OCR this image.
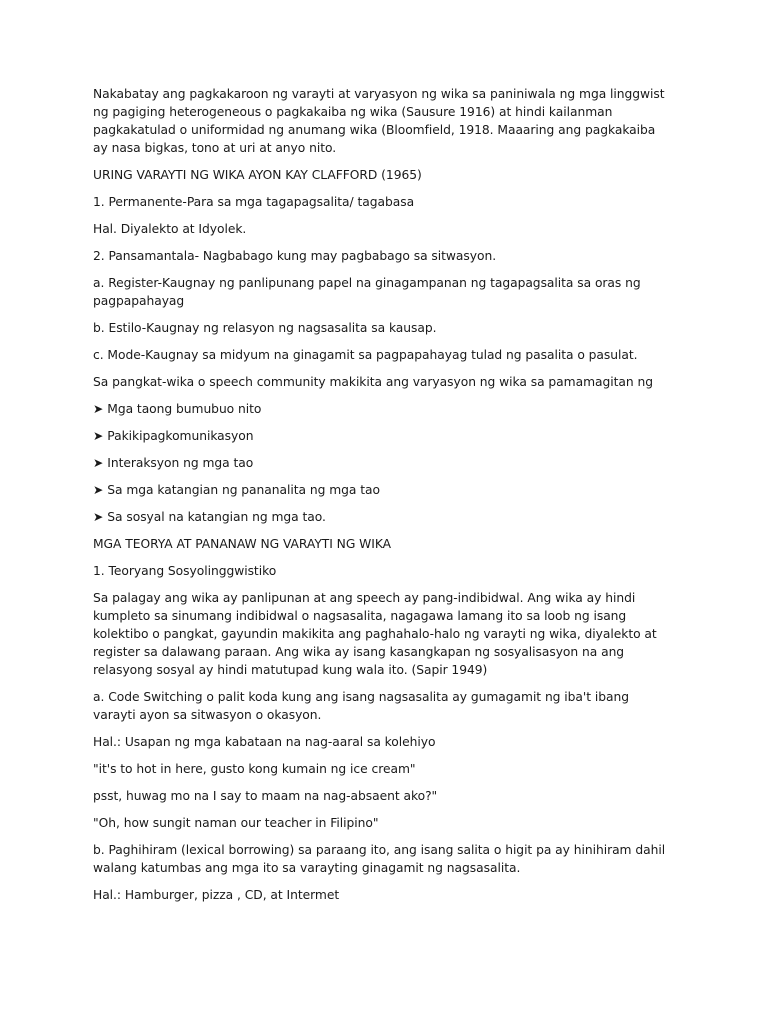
Nakabatay ang pagkakaroon ng varayti at varyasyon ng wika sa paniniwala ng mga linggwist ng pagiging heterogeneous o pagkakaiba ng wika (Sausure 1916) at hindi kailanman pagkakatulad o uniformidad ng anumang wika (Bloomfield, 1918. Maaaring ang pagkakaiba ay nasa bigkas, tono at uri at anyo nito.

URING VARAYTI NG WIKA AYON KAY CLAFFORD (1965)

1. Permanente-Para sa mga tagapagsalita/ tagabasa

Hal. Diyalekto at Idyolek.

2. Pansamantala- Nagbabago kung may pagbabago sa sitwasyon.

a. Register-Kaugnay ng panlipunang papel na ginagampanan ng tagapagsalita sa oras ng pagpapahayag

b. Estilo-Kaugnay ng relasyon ng nagsasalita sa kausap.

c. Mode-Kaugnay sa midyum na ginagamit sa pagpapahayag tulad ng pasalita o pasulat.

Sa pangkat-wika o speech community makikita ang varyasyon ng wika sa pamamagitan ng

➤ Mga taong bumubuo nito

➤ Pakikipagkomunikasyon

➤ Interaksyon ng mga tao

➤ Sa mga katangian ng pananalita ng mga tao

➤ Sa sosyal na katangian ng mga tao.

MGA TEORYA AT PANANAW NG VARAYTI NG WIKA

1. Teoryang Sosyolinggwistiko

Sa palagay ang wika ay panlipunan at ang speech ay pang-indibidwal. Ang wika ay hindi kumpleto sa sinumang indibidwal o nagsasalita, nagagawa lamang ito sa loob ng isang kolektibo o pangkat, gayundin makikita ang paghahalo-halo ng varayti ng wika, diyalekto at register sa dalawang paraan. Ang wika ay isang kasangkapan ng sosyalisasyon na ang relasyong sosyal ay hindi matutupad kung wala ito. (Sapir 1949)

a. Code Switching o palit koda kung ang isang nagsasalita ay gumagamit ng iba't ibang varayti ayon sa sitwasyon o okasyon.

Hal.: Usapan ng mga kabataan na nag-aaral sa kolehiyo

"it's to hot in here, gusto kong kumain ng ice cream"

psst, huwag mo na I say to maam na nag-absaent ako?"

"Oh, how sungit naman our teacher in Filipino"

b. Paghihiram (lexical borrowing) sa paraang ito, ang isang salita o higit pa ay hinihiram dahil walang katumbas ang mga ito sa varayting ginagamit ng nagsasalita.

Hal.: Hamburger, pizza , CD, at Intermet
